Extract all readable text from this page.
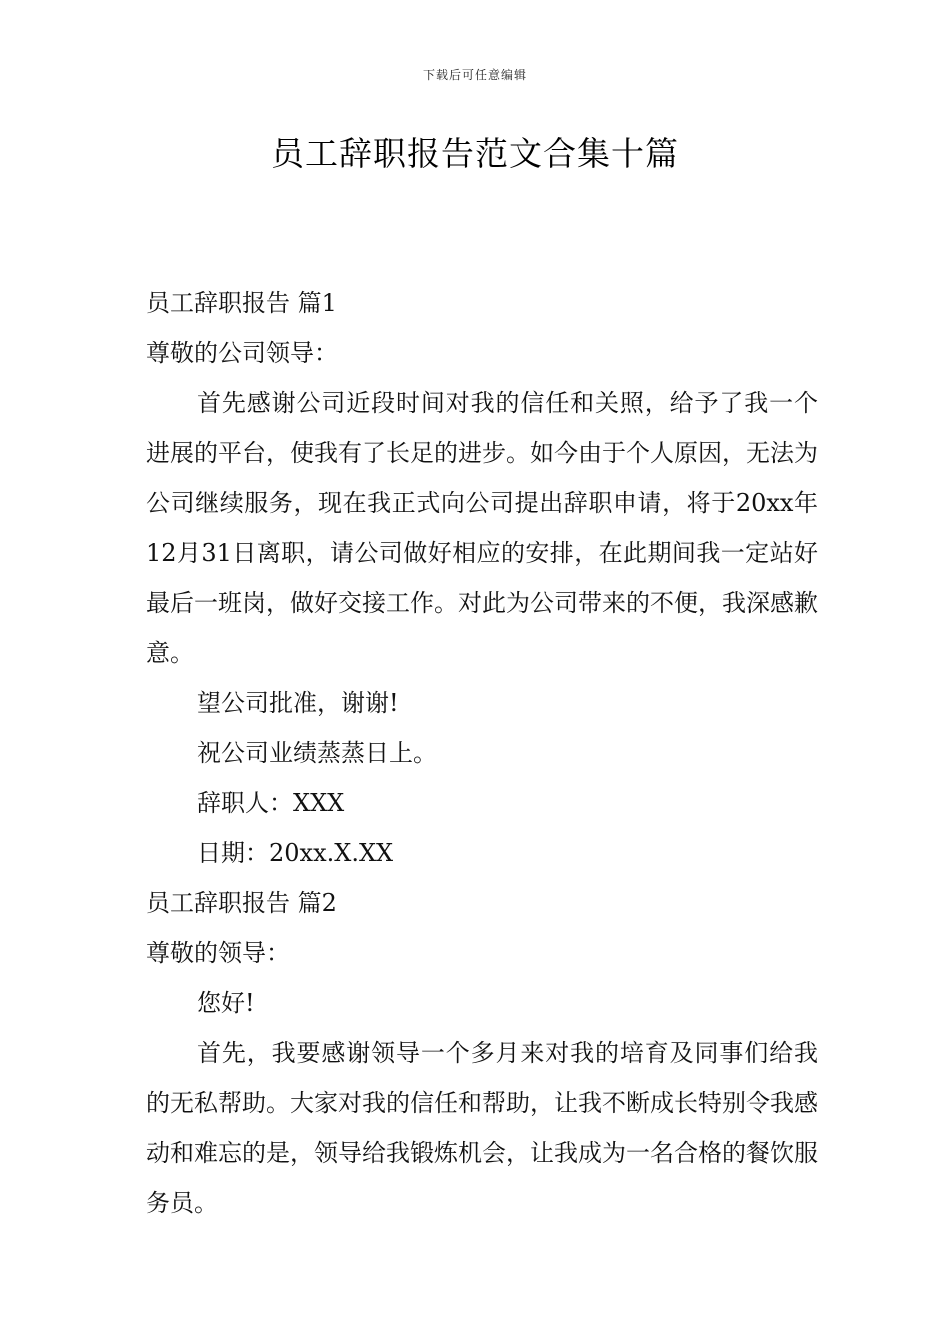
下载后可任意编辑
员工辞职报告范文合集十篇

员工辞职报告 篇1

尊敬的公司领导：

首先感谢公司近段时间对我的信任和关照，给予了我一个进展的平台，使我有了长足的进步。如今由于个人原因，无法为公司继续服务，现在我正式向公司提出辞职申请，将于20xx年12月31日离职，请公司做好相应的安排，在此期间我一定站好最后一班岗，做好交接工作。对此为公司带来的不便，我深感歉意。

望公司批准，谢谢!

祝公司业绩蒸蒸日上。

辞职人：XXX

日期：20xx.X.XX

员工辞职报告 篇2

尊敬的领导：

您好!

首先，我要感谢领导一个多月来对我的培育及同事们给我的无私帮助。大家对我的信任和帮助，让我不断成长特别令我感动和难忘的是，领导给我锻炼机会，让我成为一名合格的餐饮服务员。
